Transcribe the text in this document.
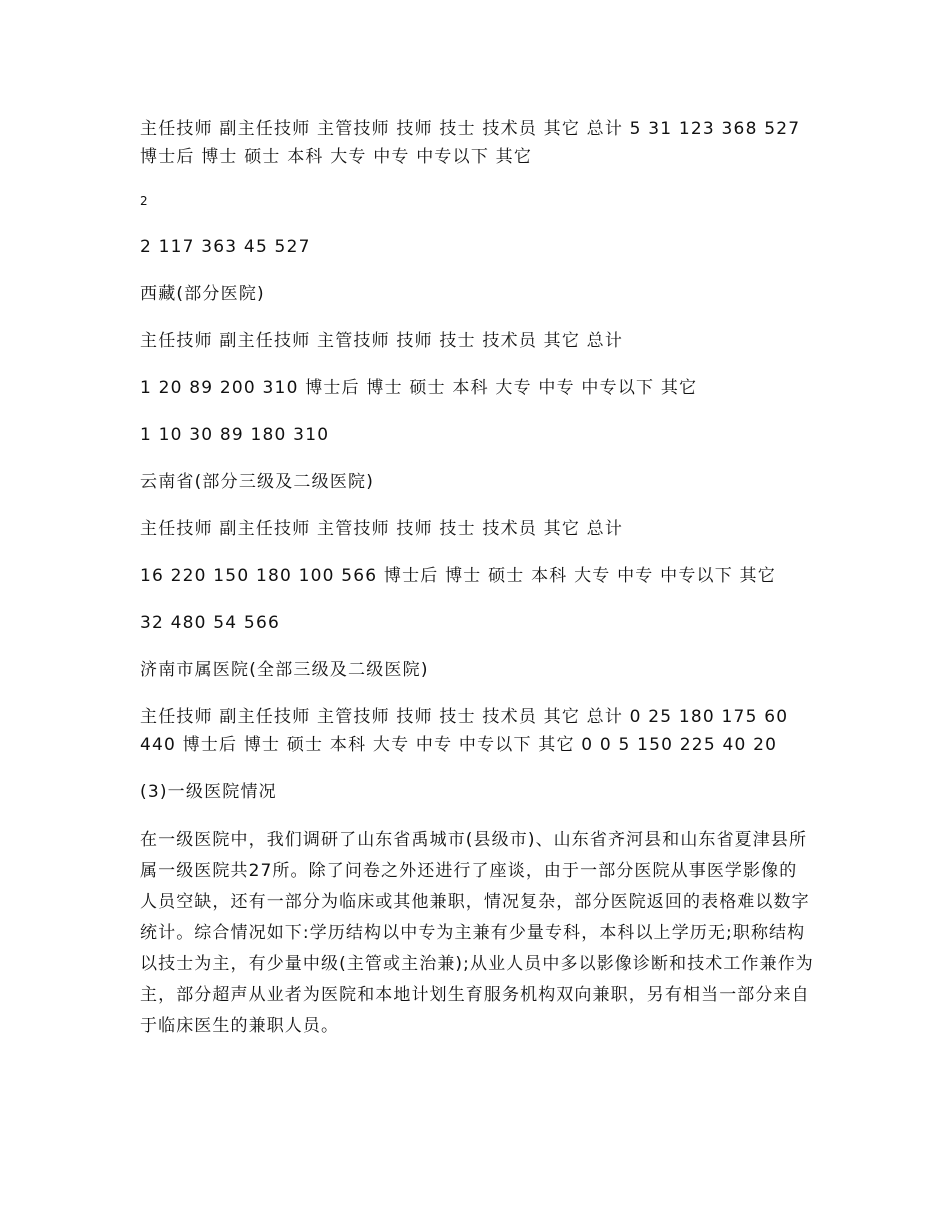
主任技师 副主任技师 主管技师 技师 技士 技术员 其它 总计 5 31 123 368 527 博士后 博士 硕士 本科 大专 中专 中专以下 其它

2

2 117 363 45 527

西藏(部分医院)

主任技师 副主任技师 主管技师 技师 技士 技术员 其它 总计

1 20 89 200 310 博士后 博士 硕士 本科 大专 中专 中专以下 其它

1 10 30 89 180 310

云南省(部分三级及二级医院)

主任技师 副主任技师 主管技师 技师 技士 技术员 其它 总计

16 220 150 180 100 566 博士后 博士 硕士 本科 大专 中专 中专以下 其它

32 480 54 566

济南市属医院(全部三级及二级医院)

主任技师 副主任技师 主管技师 技师 技士 技术员 其它 总计 0 25 180 175 60 440 博士后 博士 硕士 本科 大专 中专 中专以下 其它 0 0 5 150 225 40 20

(3)一级医院情况

在一级医院中，我们调研了山东省禹城市(县级市)、山东省齐河县和山东省夏津县所属一级医院共27所。除了问卷之外还进行了座谈，由于一部分医院从事医学影像的人员空缺，还有一部分为临床或其他兼职，情况复杂，部分医院返回的表格难以数字统计。综合情况如下:学历结构以中专为主兼有少量专科，本科以上学历无;职称结构以技士为主，有少量中级(主管或主治兼);从业人员中多以影像诊断和技术工作兼作为主，部分超声从业者为医院和本地计划生育服务机构双向兼职，另有相当一部分来自于临床医生的兼职人员。
